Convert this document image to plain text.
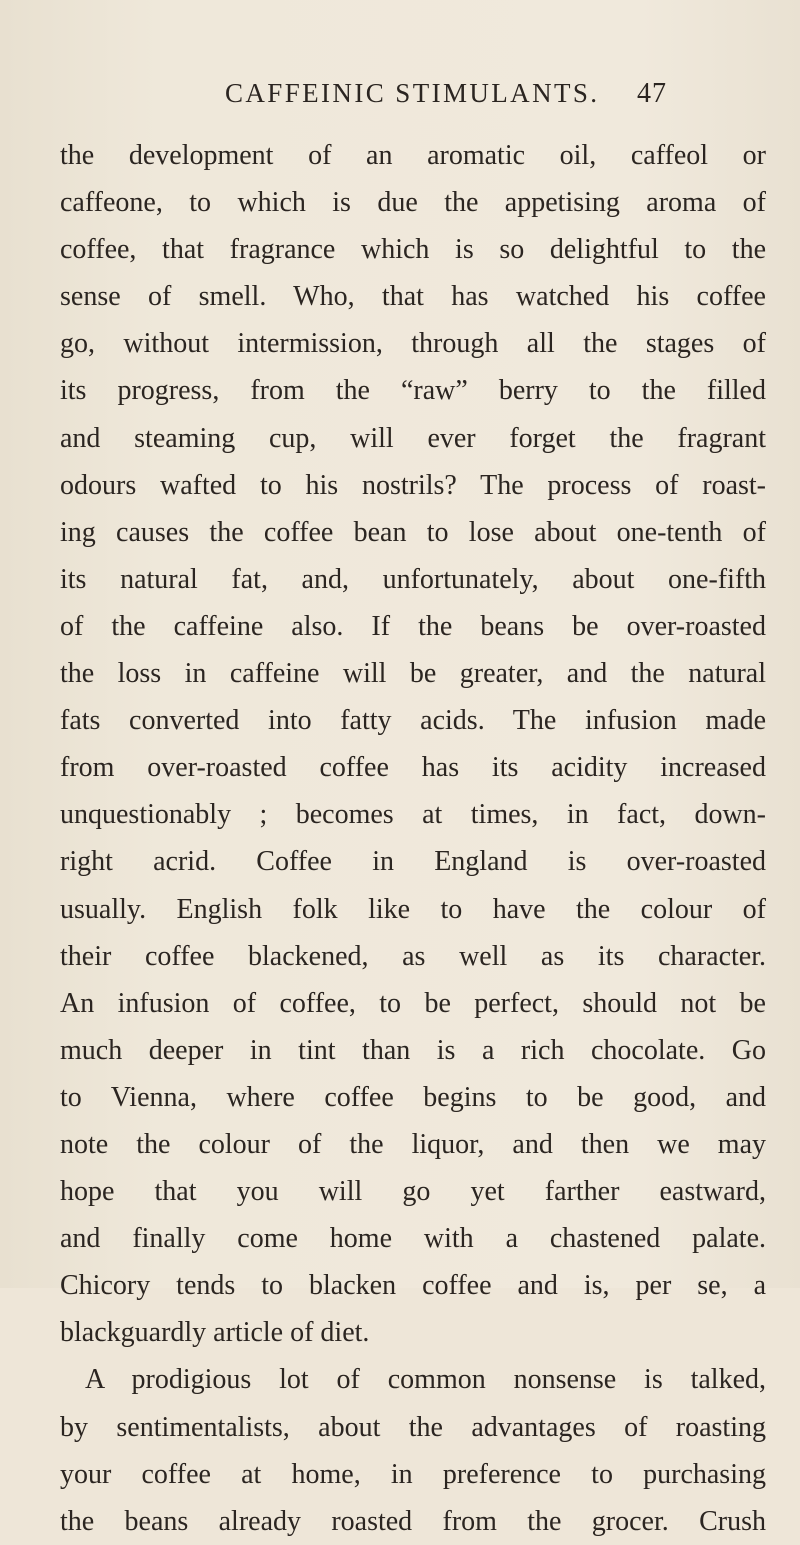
CAFFEINIC STIMULANTS. 47
the development of an aromatic oil, caffeol or
caffeone, to which is due the appetising aroma of
coffee, that fragrance which is so delightful to the
sense of smell. Who, that has watched his coffee
go, without intermission, through all the stages of
its progress, from the “raw” berry to the filled
and steaming cup, will ever forget the fragrant
odours wafted to his nostrils? The process of roast-
ing causes the coffee bean to lose about one-tenth of
its natural fat, and, unfortunately, about one-fifth
of the caffeine also. If the beans be over-roasted
the loss in caffeine will be greater, and the natural
fats converted into fatty acids. The infusion made
from over-roasted coffee has its acidity increased
unquestionably ; becomes at times, in fact, down-
right acrid. Coffee in England is over-roasted
usually. English folk like to have the colour of
their coffee blackened, as well as its character.
An infusion of coffee, to be perfect, should not be
much deeper in tint than is a rich chocolate. Go
to Vienna, where coffee begins to be good, and
note the colour of the liquor, and then we may
hope that you will go yet farther eastward,
and finally come home with a chastened palate.
Chicory tends to blacken coffee and is, per se, a
blackguardly article of diet.
A prodigious lot of common nonsense is talked,
by sentimentalists, about the advantages of roasting
your coffee at home, in preference to purchasing
the beans already roasted from the grocer. Crush
